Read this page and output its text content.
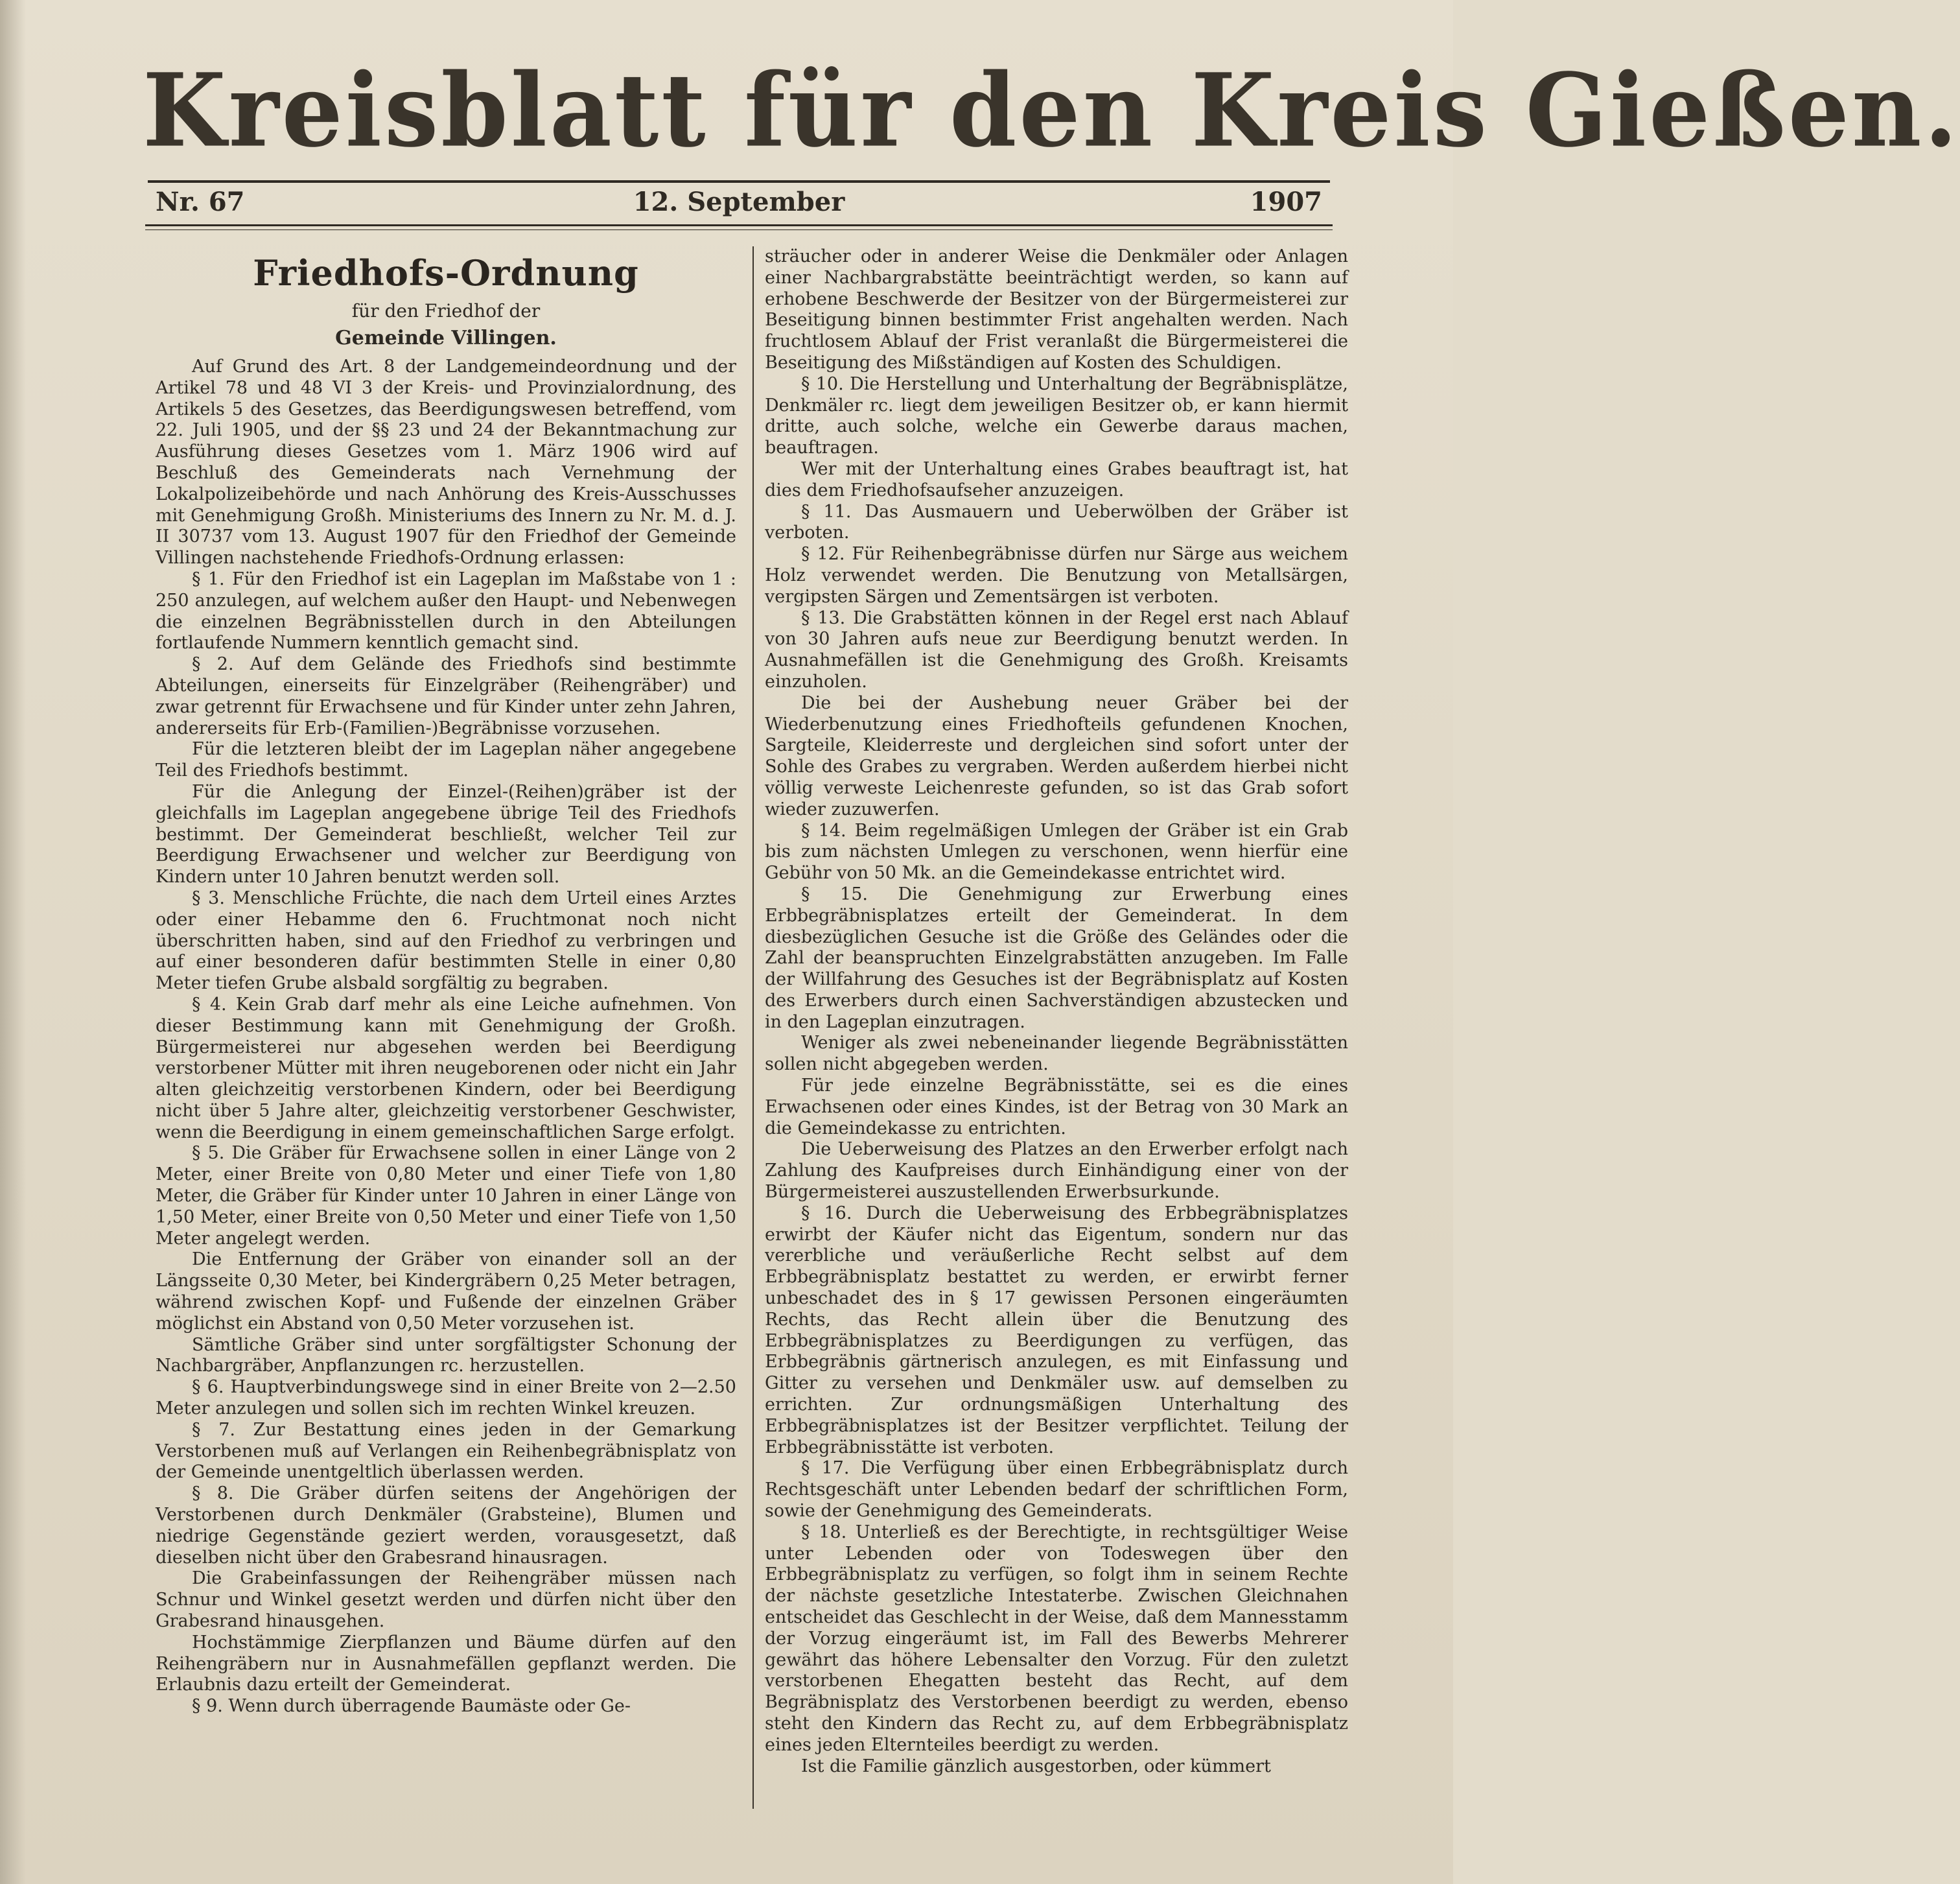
Kreisblatt für den Kreis Gießen.
Nr. 67	12. September	1907
Friedhofs-Ordnung
für den Friedhof der
Gemeinde Villingen.

Auf Grund des Art. 8 der Landgemeindeordnung und der Artikel 78 und 48 VI 3 der Kreis- und Provinzialordnung, des Artikels 5 des Gesetzes, das Beerdigungswesen betreffend, vom 22. Juli 1905, und der §§ 23 und 24 der Bekanntmachung zur Ausführung dieses Gesetzes vom 1. März 1906 wird auf Beschluß des Gemeinderats nach Vernehmung der Lokalpolizeibehörde und nach Anhörung des Kreis-Ausschusses mit Genehmigung Großh. Ministeriums des Innern zu Nr. M. d. J. II 30737 vom 13. August 1907 für den Friedhof der Gemeinde Villingen nachstehende Friedhofs-Ordnung erlassen:

§ 1. Für den Friedhof ist ein Lageplan im Maßstabe von 1 : 250 anzulegen, auf welchem außer den Haupt- und Nebenwegen die einzelnen Begräbnisstellen durch in den Abteilungen fortlaufende Nummern kenntlich gemacht sind.

§ 2. Auf dem Gelände des Friedhofs sind bestimmte Abteilungen, einerseits für Einzelgräber (Reihengräber) und zwar getrennt für Erwachsene und für Kinder unter zehn Jahren, andererseits für Erb-(Familien-)Begräbnisse vorzusehen.

Für die letzteren bleibt der im Lageplan näher angegebene Teil des Friedhofs bestimmt.

Für die Anlegung der Einzel-(Reihen)gräber ist der gleichfalls im Lageplan angegebene übrige Teil des Friedhofs bestimmt. Der Gemeinderat beschließt, welcher Teil zur Beerdigung Erwachsener und welcher zur Beerdigung von Kindern unter 10 Jahren benutzt werden soll.

§ 3. Menschliche Früchte, die nach dem Urteil eines Arztes oder einer Hebamme den 6. Fruchtmonat noch nicht überschritten haben, sind auf den Friedhof zu verbringen und auf einer besonderen dafür bestimmten Stelle in einer 0,80 Meter tiefen Grube alsbald sorgfältig zu begraben.

§ 4. Kein Grab darf mehr als eine Leiche aufnehmen. Von dieser Bestimmung kann mit Genehmigung der Großh. Bürgermeisterei nur abgesehen werden bei Beerdigung verstorbener Mütter mit ihren neugeborenen oder nicht ein Jahr alten gleichzeitig verstorbenen Kindern, oder bei Beerdigung nicht über 5 Jahre alter, gleichzeitig verstorbener Geschwister, wenn die Beerdigung in einem gemeinschaftlichen Sarge erfolgt.

§ 5. Die Gräber für Erwachsene sollen in einer Länge von 2 Meter, einer Breite von 0,80 Meter und einer Tiefe von 1,80 Meter, die Gräber für Kinder unter 10 Jahren in einer Länge von 1,50 Meter, einer Breite von 0,50 Meter und einer Tiefe von 1,50 Meter angelegt werden.

Die Entfernung der Gräber von einander soll an der Längsseite 0,30 Meter, bei Kindergräbern 0,25 Meter betragen, während zwischen Kopf- und Fußende der einzelnen Gräber möglichst ein Abstand von 0,50 Meter vorzusehen ist.

Sämtliche Gräber sind unter sorgfältigster Schonung der Nachbargräber, Anpflanzungen rc. herzustellen.

§ 6. Hauptverbindungswege sind in einer Breite von 2—2.50 Meter anzulegen und sollen sich im rechten Winkel kreuzen.

§ 7. Zur Bestattung eines jeden in der Gemarkung Verstorbenen muß auf Verlangen ein Reihenbegräbnisplatz von der Gemeinde unentgeltlich überlassen werden.

§ 8. Die Gräber dürfen seitens der Angehörigen der Verstorbenen durch Denkmäler (Grabsteine), Blumen und niedrige Gegenstände geziert werden, vorausgesetzt, daß dieselben nicht über den Grabesrand hinausragen.

Die Grabeinfassungen der Reihengräber müssen nach Schnur und Winkel gesetzt werden und dürfen nicht über den Grabesrand hinausgehen.

Hochstämmige Zierpflanzen und Bäume dürfen auf den Reihengräbern nur in Ausnahmefällen gepflanzt werden. Die Erlaubnis dazu erteilt der Gemeinderat.

§ 9. Wenn durch überragende Baumäste oder Ge-

sträucher oder in anderer Weise die Denkmäler oder Anlagen einer Nachbargrabstätte beeinträchtigt werden, so kann auf erhobene Beschwerde der Besitzer von der Bürgermeisterei zur Beseitigung binnen bestimmter Frist angehalten werden. Nach fruchtlosem Ablauf der Frist veranlaßt die Bürgermeisterei die Beseitigung des Mißständigen auf Kosten des Schuldigen.

§ 10. Die Herstellung und Unterhaltung der Begräbnisplätze, Denkmäler rc. liegt dem jeweiligen Besitzer ob, er kann hiermit dritte, auch solche, welche ein Gewerbe daraus machen, beauftragen.

Wer mit der Unterhaltung eines Grabes beauftragt ist, hat dies dem Friedhofsaufseher anzuzeigen.

§ 11. Das Ausmauern und Ueberwölben der Gräber ist verboten.

§ 12. Für Reihenbegräbnisse dürfen nur Särge aus weichem Holz verwendet werden. Die Benutzung von Metallsärgen, vergipsten Särgen und Zementsärgen ist verboten.

§ 13. Die Grabstätten können in der Regel erst nach Ablauf von 30 Jahren aufs neue zur Beerdigung benutzt werden. In Ausnahmefällen ist die Genehmigung des Großh. Kreisamts einzuholen.

Die bei der Aushebung neuer Gräber bei der Wiederbenutzung eines Friedhofteils gefundenen Knochen, Sargteile, Kleiderreste und dergleichen sind sofort unter der Sohle des Grabes zu vergraben. Werden außerdem hierbei nicht völlig verweste Leichenreste gefunden, so ist das Grab sofort wieder zuzuwerfen.

§ 14. Beim regelmäßigen Umlegen der Gräber ist ein Grab bis zum nächsten Umlegen zu verschonen, wenn hierfür eine Gebühr von 50 Mk. an die Gemeindekasse entrichtet wird.

§ 15. Die Genehmigung zur Erwerbung eines Erbbegräbnisplatzes erteilt der Gemeinderat. In dem diesbezüglichen Gesuche ist die Größe des Geländes oder die Zahl der beanspruchten Einzelgrabstätten anzugeben. Im Falle der Willfahrung des Gesuches ist der Begräbnisplatz auf Kosten des Erwerbers durch einen Sachverständigen abzustecken und in den Lageplan einzutragen.

Weniger als zwei nebeneinander liegende Begräbnisstätten sollen nicht abgegeben werden.

Für jede einzelne Begräbnisstätte, sei es die eines Erwachsenen oder eines Kindes, ist der Betrag von 30 Mark an die Gemeindekasse zu entrichten.

Die Ueberweisung des Platzes an den Erwerber erfolgt nach Zahlung des Kaufpreises durch Einhändigung einer von der Bürgermeisterei auszustellenden Erwerbsurkunde.

§ 16. Durch die Ueberweisung des Erbbegräbnisplatzes erwirbt der Käufer nicht das Eigentum, sondern nur das vererbliche und veräußerliche Recht selbst auf dem Erbbegräbnisplatz bestattet zu werden, er erwirbt ferner unbeschadet des in § 17 gewissen Personen eingeräumten Rechts, das Recht allein über die Benutzung des Erbbegräbnisplatzes zu Beerdigungen zu verfügen, das Erbbegräbnis gärtnerisch anzulegen, es mit Einfassung und Gitter zu versehen und Denkmäler usw. auf demselben zu errichten. Zur ordnungsmäßigen Unterhaltung des Erbbegräbnisplatzes ist der Besitzer verpflichtet. Teilung der Erbbegräbnisstätte ist verboten.

§ 17. Die Verfügung über einen Erbbegräbnisplatz durch Rechtsgeschäft unter Lebenden bedarf der schriftlichen Form, sowie der Genehmigung des Gemeinderats.

§ 18. Unterließ es der Berechtigte, in rechtsgültiger Weise unter Lebenden oder von Todeswegen über den Erbbegräbnisplatz zu verfügen, so folgt ihm in seinem Rechte der nächste gesetzliche Intestaterbe. Zwischen Gleichnahen entscheidet das Geschlecht in der Weise, daß dem Mannesstamm der Vorzug eingeräumt ist, im Fall des Bewerbs Mehrerer gewährt das höhere Lebensalter den Vorzug. Für den zuletzt verstorbenen Ehegatten besteht das Recht, auf dem Begräbnisplatz des Verstorbenen beerdigt zu werden, ebenso steht den Kindern das Recht zu, auf dem Erbbegräbnisplatz eines jeden Elternteiles beerdigt zu werden.

Ist die Familie gänzlich ausgestorben, oder kümmert
